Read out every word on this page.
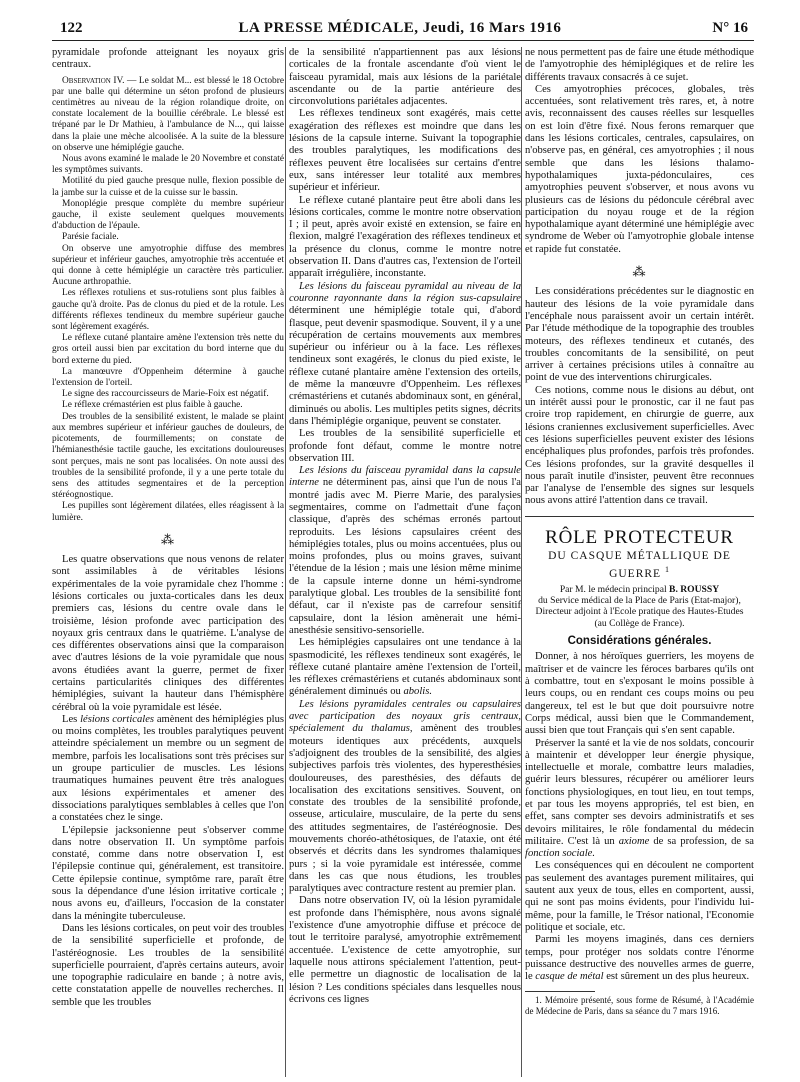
122	LA PRESSE MÉDICALE, Jeudi, 16 Mars 1916	N° 16

pyramidale profonde atteignant les noyaux gris centraux.

Observation IV. — Le soldat M... est blessé le 18 Octobre par une balle qui détermine un séton profond de plusieurs centimètres au niveau de la région rolandique droite, on constate localement de la bouillie cérébrale. Le blessé est trépané par le Dr Mathieu, à l'ambulance de N..., qui laisse dans la plaie une mèche alcoolisée. A la suite de la blessure on observe une hémiplégie gauche.

Nous avons examiné le malade le 20 Novembre et constaté les symptômes suivants.

Motilité du pied gauche presque nulle, flexion possible de la jambe sur la cuisse et de la cuisse sur le bassin.

Monoplégie presque complète du membre supérieur gauche, il existe seulement quelques mouvements d'abduction de l'épaule.

Parésie faciale.

On observe une amyotrophie diffuse des membres supérieur et inférieur gauches, amyotrophie très accentuée et qui donne à cette hémiplégie un caractère très particulier. Aucune arthropathie.

Les réflexes rotuliens et sus-rotuliens sont plus faibles à gauche qu'à droite. Pas de clonus du pied et de la rotule. Les différents réflexes tendineux du membre supérieur gauche sont légèrement exagérés.

Le réflexe cutané plantaire amène l'extension très nette du gros orteil aussi bien par excitation du bord interne que du bord externe du pied.

La manœuvre d'Oppenheim détermine à gauche l'extension de l'orteil.

Le signe des raccourcisseurs de Marie-Foix est négatif.

Le réflexe crémastérien est plus faible à gauche.

Des troubles de la sensibilité existent, le malade se plaint aux membres supérieur et inférieur gauches de douleurs, de picotements, de fourmillements; on constate de l'hémianesthésie tactile gauche, les excitations douloureuses sont perçues, mais ne sont pas localisées. On note aussi des troubles de la sensibilité profonde, il y a une perte totale du sens des attitudes segmentaires et de la perception stéréognostique.

Les pupilles sont légèrement dilatées, elles réagissent à la lumière.

⁂

Les quatre observations que nous venons de relater sont assimilables à de véritables lésions expérimentales de la voie pyramidale chez l'homme : lésions corticales ou juxta-corticales dans les deux premiers cas, lésions du centre ovale dans le troisième, lésion profonde avec participation des noyaux gris centraux dans le quatrième. L'analyse de ces différentes observations ainsi que la comparaison avec d'autres lésions de la voie pyramidale que nous avons étudiées avant la guerre, permet de fixer certains particularités cliniques des différentes hémiplégies, suivant la hauteur dans l'hémisphère cérébral où la voie pyramidale est lésée.

Les lésions corticales amènent des hémiplégies plus ou moins complètes, les troubles paralytiques peuvent atteindre spécialement un membre ou un segment de membre, parfois les localisations sont très précises sur un groupe particulier de muscles. Les lésions traumatiques humaines peuvent être très analogues aux lésions expérimentales et amener des dissociations paralytiques semblables à celles que l'on a constatées chez le singe.

L'épilepsie jacksonienne peut s'observer comme dans notre observation II. Un symptôme parfois constaté, comme dans notre observation I, est l'épilepsie continue qui, généralement, est transitoire. Cette épilepsie continue, symptôme rare, paraît être sous la dépendance d'une lésion irritative corticale ; nous avons eu, d'ailleurs, l'occasion de la constater dans la méningite tuberculeuse.

Dans les lésions corticales, on peut voir des troubles de la sensibilité superficielle et profonde, de l'astéréognosie. Les troubles de la sensibilité superficielle pourraient, d'après certains auteurs, avoir une topographie radiculaire en bande ; à notre avis, cette constatation appelle de nouvelles recherches. Il semble que les troubles

de la sensibilité n'appartiennent pas aux lésions corticales de la frontale ascendante d'où vient le faisceau pyramidal, mais aux lésions de la pariétale ascendante ou de la partie antérieure des circonvolutions pariétales adjacentes.

Les réflexes tendineux sont exagérés, mais cette exagération des réflexes est moindre que dans les lésions de la capsule interne. Suivant la topographie des troubles paralytiques, les modifications des réflexes peuvent être localisées sur certains d'entre eux, sans intéresser leur totalité aux membres supérieur et inférieur.

Le réflexe cutané plantaire peut être aboli dans les lésions corticales, comme le montre notre observation I ; il peut, après avoir existé en extension, se faire en flexion, malgré l'exagération des réflexes tendineux et la présence du clonus, comme le montre notre observation II. Dans d'autres cas, l'extension de l'orteil apparaît irrégulière, inconstante.

Les lésions du faisceau pyramidal au niveau de la couronne rayonnante dans la région sus-capsulaire déterminent une hémiplégie totale qui, d'abord flasque, peut devenir spasmodique. Souvent, il y a une récupération de certains mouvements aux membres supérieur ou inférieur ou à la face. Les réflexes tendineux sont exagérés, le clonus du pied existe, le réflexe cutané plantaire amène l'extension des orteils, de même la manœuvre d'Oppenheim. Les réflexes crémastériens et cutanés abdominaux sont, en général, diminués ou abolis. Les multiples petits signes, décrits dans l'hémiplégie organique, peuvent se constater.

Les troubles de la sensibilité superficielle et profonde font défaut, comme le montre notre observation III.

Les lésions du faisceau pyramidal dans la capsule interne ne déterminent pas, ainsi que l'un de nous l'a montré jadis avec M. Pierre Marie, des paralysies segmentaires, comme on l'admettait d'une façon classique, d'après des schémas erronés partout reproduits. Les lésions capsulaires créent des hémiplégies totales, plus ou moins accentuées, plus ou moins profondes, plus ou moins graves, suivant l'étendue de la lésion ; mais une lésion même minime de la capsule interne donne un hémi-syndrome paralytique global. Les troubles de la sensibilité font défaut, car il n'existe pas de carrefour sensitif capsulaire, dont la lésion amènerait une hémi-anesthésie sensitivo-sensorielle.

Les hémiplégies capsulaires ont une tendance à la spasmodicité, les réflexes tendineux sont exagérés, le réflexe cutané plantaire amène l'extension de l'orteil, les réflexes crémastériens et cutanés abdominaux sont généralement diminués ou abolis.

Les lésions pyramidales centrales ou capsulaires avec participation des noyaux gris centraux, spécialement du thalamus, amènent des troubles moteurs identiques aux précédents, auxquels s'adjoignent des troubles de la sensibilité, des algies subjectives parfois très violentes, des hyperesthésies douloureuses, des paresthésies, des défauts de localisation des excitations sensitives. Souvent, on constate des troubles de la sensibilité profonde, osseuse, articulaire, musculaire, de la perte du sens des attitudes segmentaires, de l'astéréognosie. Des mouvements choréo-athétosiques, de l'ataxie, ont été observés et décrits dans les syndromes thalamiques purs ; si la voie pyramidale est intéressée, comme dans les cas que nous étudions, les troubles paralytiques avec contracture restent au premier plan.

Dans notre observation IV, où la lésion pyramidale est profonde dans l'hémisphère, nous avons signalé l'existence d'une amyotrophie diffuse et précoce de tout le territoire paralysé, amyotrophie extrêmement accentuée. L'existence de cette amyotrophie, sur laquelle nous attirons spécialement l'attention, peut-elle permettre un diagnostic de localisation de la lésion ? Les conditions spéciales dans lesquelles nous écrivons ces lignes

ne nous permettent pas de faire une étude méthodique de l'amyotrophie des hémiplégiques et de relire les différents travaux consacrés à ce sujet.

Ces amyotrophies précoces, globales, très accentuées, sont relativement très rares, et, à notre avis, reconnaissent des causes réelles sur lesquelles on est loin d'être fixé. Nous ferons remarquer que dans les lésions corticales, centrales, capsulaires, on n'observe pas, en général, ces amyotrophies ; il nous semble que dans les lésions thalamo-hypothalamiques juxta-pédonculaires, ces amyotrophies peuvent s'observer, et nous avons vu plusieurs cas de lésions du pédoncule cérébral avec participation du noyau rouge et de la région hypothalamique ayant déterminé une hémiplégie avec syndrome de Weber où l'amyotrophie globale intense et rapide fut constatée.

⁂

Les considérations précédentes sur le diagnostic en hauteur des lésions de la voie pyramidale dans l'encéphale nous paraissent avoir un certain intérêt. Par l'étude méthodique de la topographie des troubles moteurs, des réflexes tendineux et cutanés, des troubles concomitants de la sensibilité, on peut arriver à certaines précisions utiles à connaître au point de vue des interventions chirurgicales.

Ces notions, comme nous le disions au début, ont un intérêt aussi pour le pronostic, car il ne faut pas croire trop rapidement, en chirurgie de guerre, aux lésions craniennes exclusivement superficielles. Avec ces lésions superficielles peuvent exister des lésions encéphaliques plus profondes, parfois très profondes. Ces lésions profondes, sur la gravité desquelles il nous paraît inutile d'insister, peuvent être reconnues par l'analyse de l'ensemble des signes sur lesquels nous avons attiré l'attention dans ce travail.

RÔLE PROTECTEUR
DU CASQUE MÉTALLIQUE DE GUERRE $^1$
Par M. le médecin principal B. ROUSSY
du Service médical de la Place de Paris (Etat-major),
Directeur adjoint à l'Ecole pratique des Hautes-Etudes
(au Collège de France).
Considérations générales.

Donner, à nos héroïques guerriers, les moyens de maîtriser et de vaincre les féroces barbares qu'ils ont à combattre, tout en s'exposant le moins possible à leurs coups, ou en rendant ces coups moins ou peu dangereux, tel est le but que doit poursuivre notre Corps médical, aussi bien que le Commandement, aussi bien que tout Français qui s'en sent capable.

Préserver la santé et la vie de nos soldats, concourir à maintenir et développer leur énergie physique, intellectuelle et morale, combattre leurs maladies, guérir leurs blessures, récupérer ou améliorer leurs fonctions physiologiques, en tout lieu, en tout temps, et par tous les moyens appropriés, tel est bien, en effet, sans compter ses devoirs administratifs et ses devoirs militaires, le rôle fondamental du médecin militaire. C'est là un axiome de sa profession, de sa fonction sociale.

Les conséquences qui en découlent ne comportent pas seulement des avantages purement militaires, qui sautent aux yeux de tous, elles en comportent, aussi, qui ne sont pas moins évidents, pour l'individu lui-même, pour la famille, le Trésor national, l'Economie politique et sociale, etc.

Parmi les moyens imaginés, dans ces derniers temps, pour protéger nos soldats contre l'énorme puissance destructive des nouvelles armes de guerre, le casque de métal est sûrement un des plus heureux.

1. Mémoire présenté, sous forme de Résumé, à l'Académie de Médecine de Paris, dans sa séance du 7 mars 1916.
